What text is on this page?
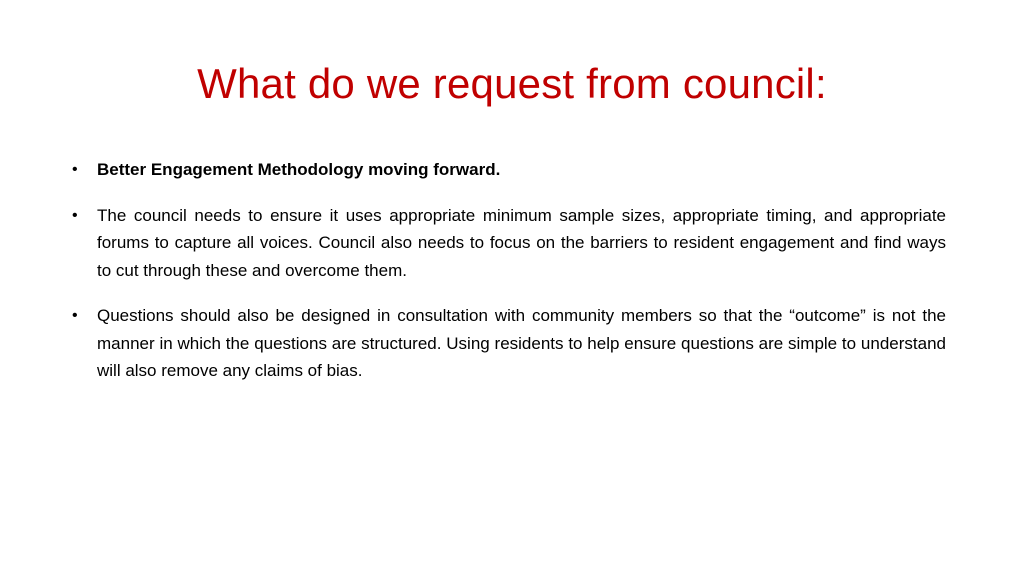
What do we request from council:
•	Better Engagement Methodology moving forward.
•	The council needs to ensure it uses appropriate minimum sample sizes, appropriate timing, and appropriate forums to capture all voices. Council also needs to focus on the barriers to resident engagement and find ways to cut through these and overcome them.
•	Questions should also be designed in consultation with community members so that the “outcome” is not the manner in which the questions are structured. Using residents to help ensure questions are simple to understand will also remove any claims of bias.
